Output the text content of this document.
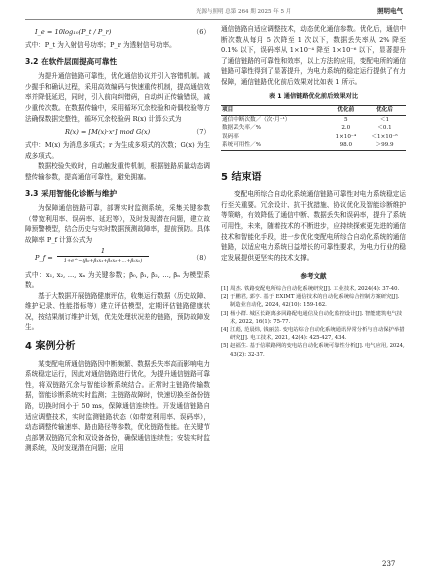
光源与照明 总第 264 期 2025 年 5 月	照明电气
I_e = 10log₁₀(P_t / P_r)	（6）

式中：P_t 为入射信号功率；P_r 为透射信号功率。

3.2 在软件层面提高可靠性

为提升通信链路可靠性，优化通信协议并引入容错机制。减少握手和确认过程，采用高效编码与快速重传机制，提高通信效率并降低延迟，同时，引入前向纠错码，自动纠正传输错误，减少重传次数。在数据传输中，采用循环冗余校验和奇偶校验等方法确保数据完整性，循环冗余校验码 R(x) 计算公式为

R(x) = [M(x)·xʳ] mod G(x)	（7）

式中：M(x) 为消息多项式；r 为生成多项式的次数；G(x) 为生成多项式。

数据校验失败时，自动触发重传机制，根据链路质量动态调整传输参数，提高通信可靠性，避免拥塞。

3.3 采用智能化诊断与维护

为保障通信链路可靠，部署实时监测系统，采集关键参数（带宽利用率、误码率、延迟等），及时发现潜在问题，建立故障预警模型，结合历史与实时数据预测故障率，提前预防。具体故障率 P_f 计算公式为

P_f =
1
1+e^−(β₀+β₁x₁+β₂x₂+…+βₙxₙ)	（8）

式中：x₁, x₂, …, xₙ 为关键参数；β₀, β₁, β₂, …, βₙ 为模型系数。

基于大数据开展链路健康评估，收集运行数据（历史故障、维护记录、性能指标等）建立评估模型，定期评估链路健康状况，按结果制订维护计划，优先处理状况差的链路，预防故障发生。

4 案例分析

某变配电所通信链路因中断频繁、数据丢失率高而影响电力系统稳定运行，因此对通信链路进行优化，为提升通信链路可靠性，将双链路冗余与智能诊断系统结合。正常时主链路传输数据，智能诊断系统实时监测；主链路故障时，快速切换至备份链路，切换时间小于 50 ms，保障通信连续性。开发通信链路自适应调整技术，实时监测链路状态（如带宽利用率、误码率），动态调整传输速率、路由路径等参数，优化链路性能。在关键节点部署双链路冗余和双设备备份，确保通信连续性；安装实时监测系统，及时发现潜在问题；应用

通信链路自适应调整技术，动态优化通信参数。优化后，通信中断次数从每月 5 次降至 1 次以下，数据丢失率从 2% 降至 0.1% 以下，误码率从 1×10⁻⁴ 降至 1×10⁻⁶ 以下，显著提升了通信链路的可靠性和效率，以上方法的应用，变配电所的通信链路可靠性得到了显著提升，为电力系统的稳定运行提供了有力保障，通信链路优化前后效果对比如表 1 所示。

表 1 通信链路优化前后效果对比
项目	优化前	优化后
通信中断次数／（次·月⁻¹）	5	＜1
数据丢失率／%	2.0	＜0.1
误码率	1×10⁻⁴	＜1×10⁻⁶
系统可用性／%	98.0	＞99.9
5 结束语

变配电所综合自动化系统通信链路可靠性对电力系统稳定运行至关重要。冗余设计、抗干扰措施、协议优化及智能诊断维护等策略，有效降低了通信中断、数据丢失和误码率，提升了系统可用性，未来，随着技术的不断进步，应持续探索更先进的通信技术和智能化手段，进一步优化变配电所综合自动化系统的通信链路，以适应电力系统日益增长的可靠性要求，为电力行业的稳定发展提供更坚实的技术支撑。

参考文献

[1] 周杰. 铁路变配电所综合自动化系统研究[J]. 工业技术, 2024(4): 37-40.

[2] 于鹏君, 郭亨. 基于 EXIMT 通信技术的自动化系统综合控制方案研究[J]. 制造业自动化, 2024, 42(10): 159-162.

[3] 杨小群. 城区长距离多回路配电通信及自动化监控设计[J]. 智能建筑电气技术, 2022, 16(1): 75-77.

[4] 江彪, 范晨炜, 钱丽芸. 变电站综合自动化系统通讯异常分析与自动保护举措研究[J]. 电工技术, 2021, 42(4): 425-427, 434.

[5] 赵福生. 基于信联路网的变电站自动化系统可靠性分析[J]. 电气应用, 2024, 43(2): 32-37.

237
